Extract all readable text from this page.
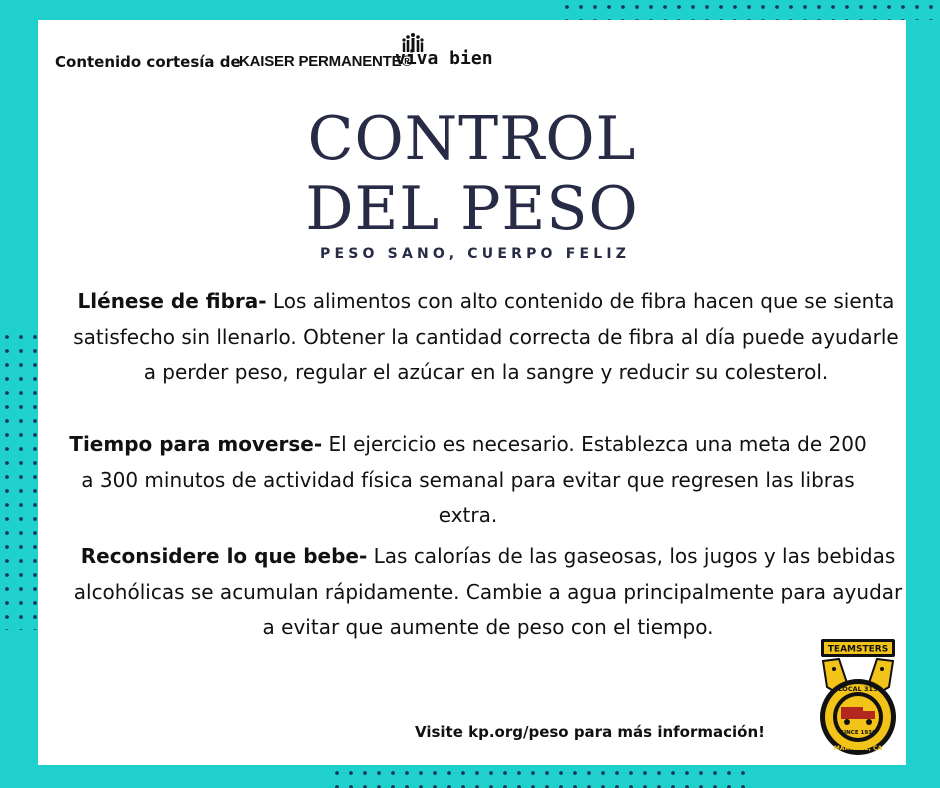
Contenido cortesía de
KAISER PERMANENTE®
viva bien
CONTROL
DEL PESO
PESO SANO, CUERPO FELIZ
Llénese de fibra- Los alimentos con alto contenido de fibra hacen que se sienta satisfecho sin llenarlo. Obtener la cantidad correcta de fibra al día puede ayudarle a perder peso, regular el azúcar en la sangre y reducir su colesterol.
Tiempo para moverse- El ejercicio es necesario. Establezca una meta de 200 a 300 minutos de actividad física semanal para evitar que regresen las libras extra.
Reconsidere lo que bebe- Las calorías de las gaseosas, los jugos y las bebidas alcohólicas se acumulan rápidamente. Cambie a agua principalmente para ayudar a evitar que aumente de peso con el tiempo.
Visite kp.org/peso para más información!
TEAMSTERS
LOCAL 315
SINCE 1936
MARTINEZ, CA
